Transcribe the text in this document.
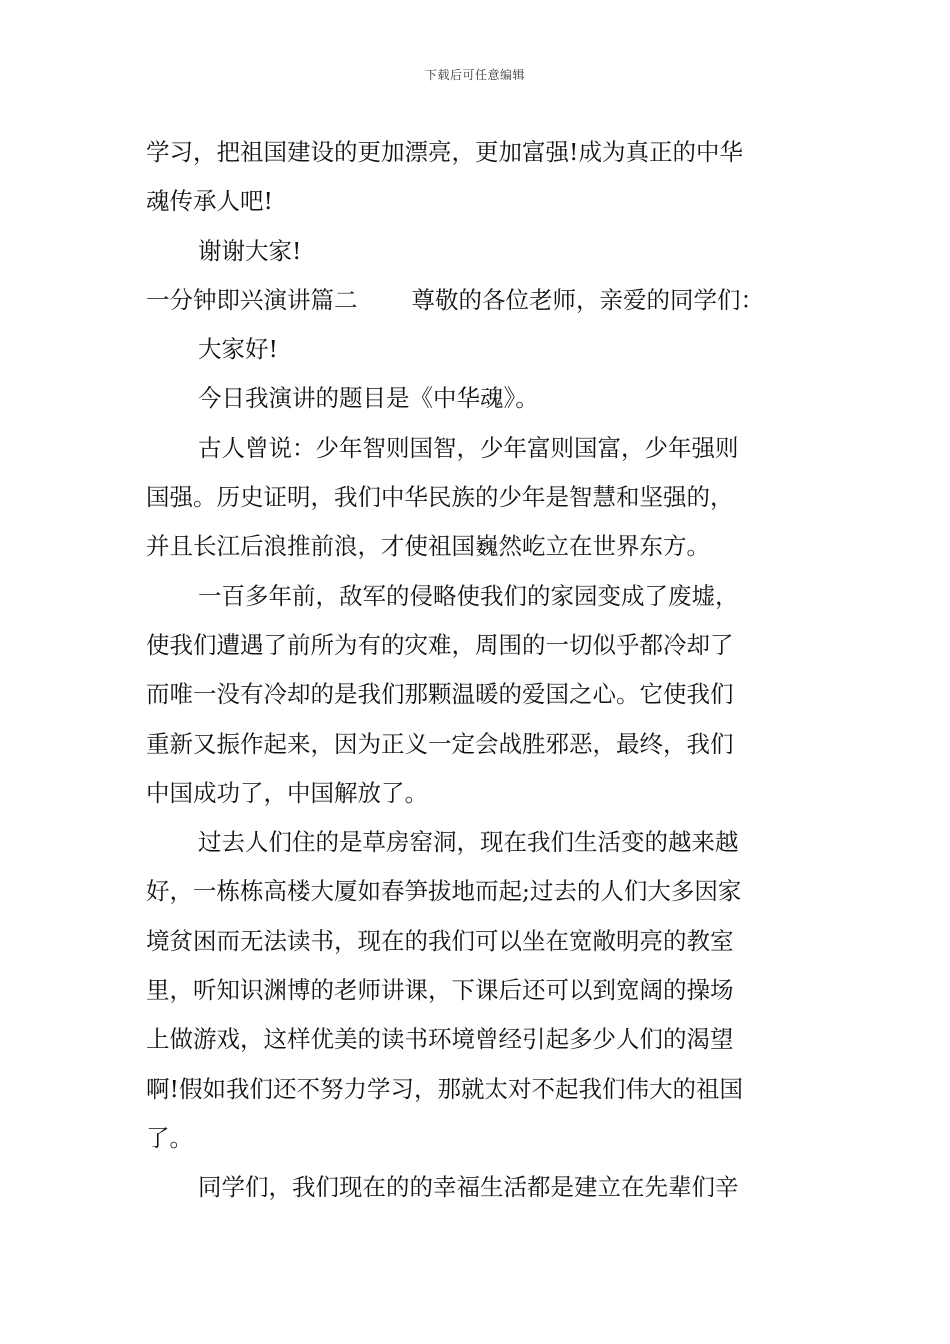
下载后可任意编辑
学习，把祖国建设的更加漂亮，更加富强!成为真正的中华
魂传承人吧!
谢谢大家!
一分钟即兴演讲篇二 尊敬的各位老师，亲爱的同学们：
大家好!
今日我演讲的题目是《中华魂》。
古人曾说：少年智则国智，少年富则国富，少年强则
国强。历史证明，我们中华民族的少年是智慧和坚强的，
并且长江后浪推前浪，才使祖国巍然屹立在世界东方。
一百多年前，敌军的侵略使我们的家园变成了废墟，
使我们遭遇了前所为有的灾难，周围的一切似乎都冷却了
而唯一没有冷却的是我们那颗温暖的爱国之心。它使我们
重新又振作起来，因为正义一定会战胜邪恶，最终，我们
中国成功了，中国解放了。
过去人们住的是草房窑洞，现在我们生活变的越来越
好，一栋栋高楼大厦如春笋拔地而起;过去的人们大多因家
境贫困而无法读书，现在的我们可以坐在宽敞明亮的教室
里，听知识渊博的老师讲课，下课后还可以到宽阔的操场
上做游戏，这样优美的读书环境曾经引起多少人们的渴望
啊!假如我们还不努力学习，那就太对不起我们伟大的祖国
了。
同学们，我们现在的的幸福生活都是建立在先辈们辛
